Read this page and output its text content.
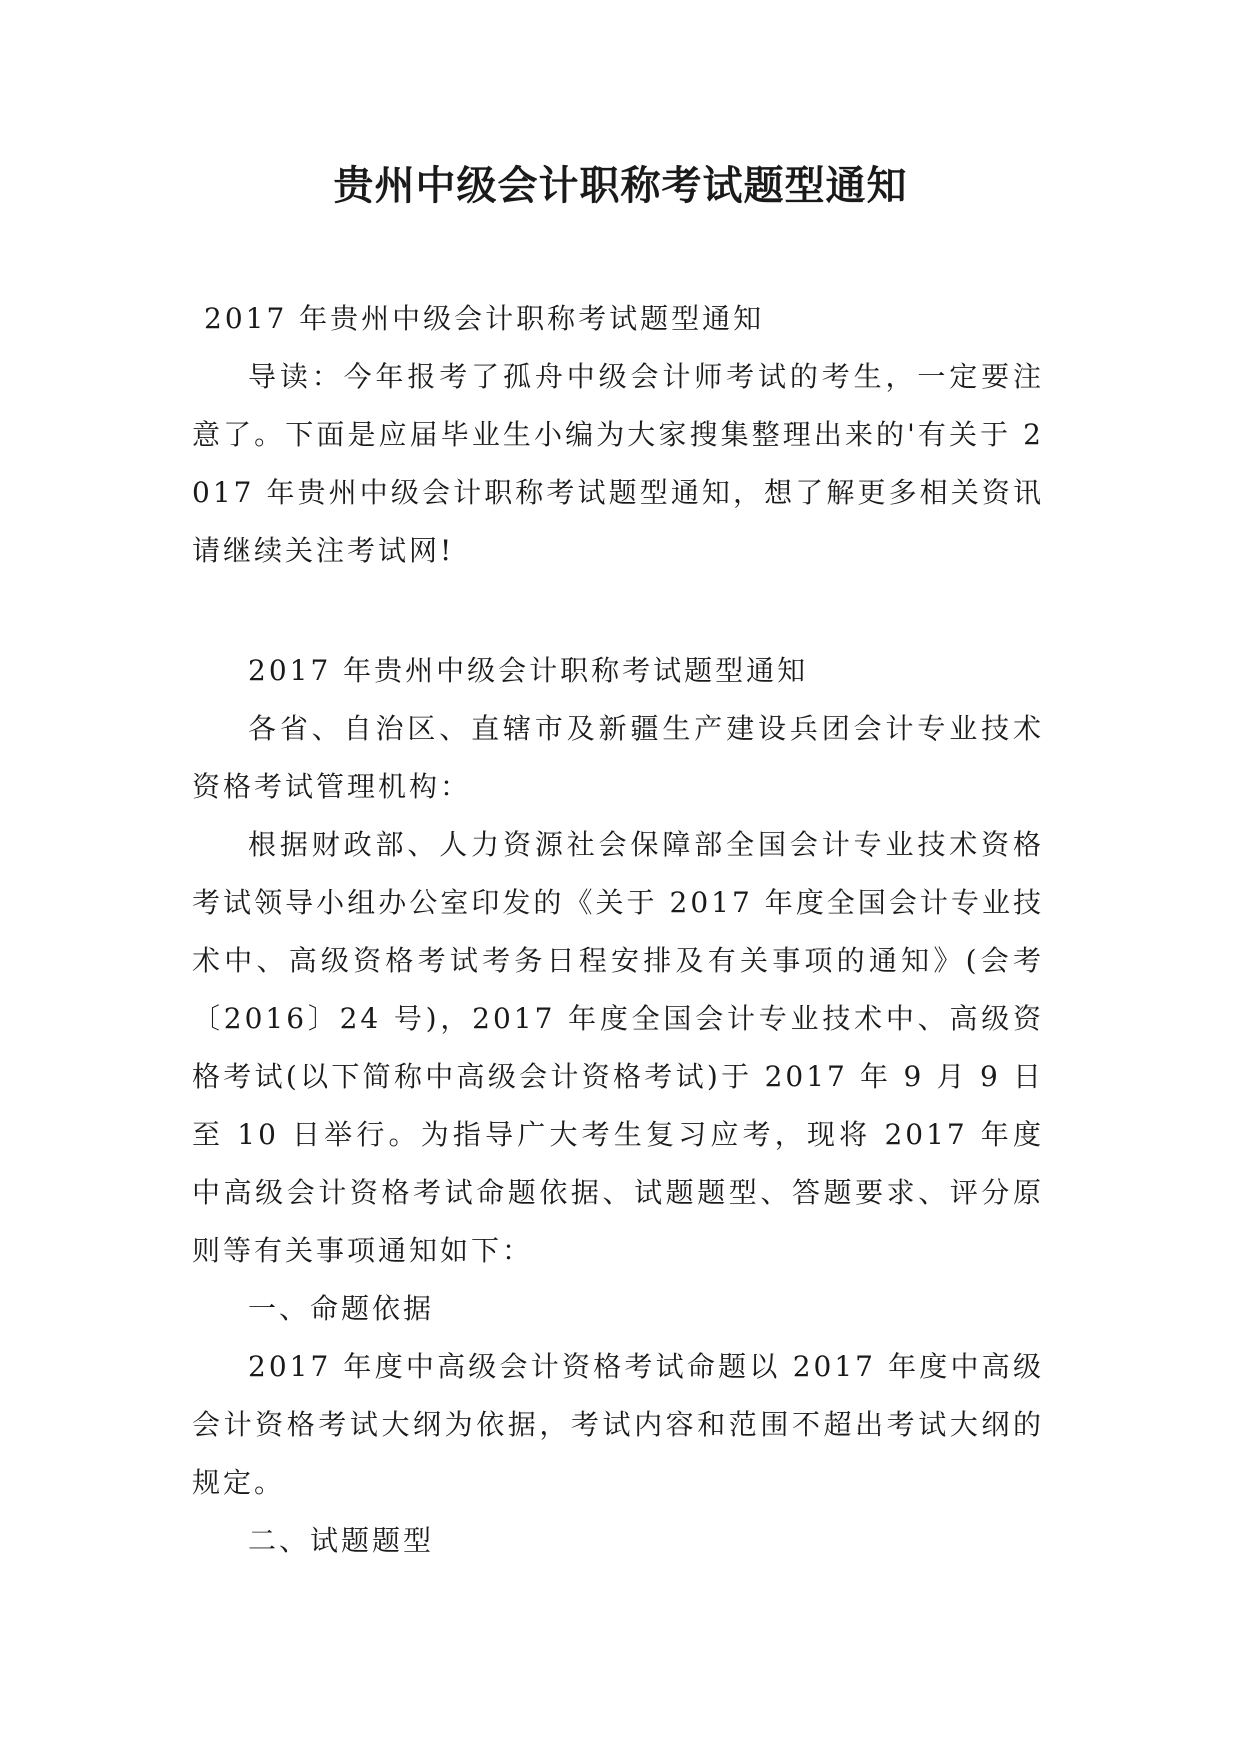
贵州中级会计职称考试题型通知

2017 年贵州中级会计职称考试题型通知

导读：今年报考了孤舟中级会计师考试的考生，一定要注意了。下面是应届毕业生小编为大家搜集整理出来的'有关于 2017 年贵州中级会计职称考试题型通知，想了解更多相关资讯请继续关注考试网!

2017 年贵州中级会计职称考试题型通知

各省、自治区、直辖市及新疆生产建设兵团会计专业技术资格考试管理机构：

根据财政部、人力资源社会保障部全国会计专业技术资格考试领导小组办公室印发的《关于 2017 年度全国会计专业技术中、高级资格考试考务日程安排及有关事项的通知》(会考〔2016〕24 号)，2017 年度全国会计专业技术中、高级资格考试(以下简称中高级会计资格考试)于 2017 年 9 月 9 日至 10 日举行。为指导广大考生复习应考，现将 2017 年度中高级会计资格考试命题依据、试题题型、答题要求、评分原则等有关事项通知如下：

一、命题依据

2017 年度中高级会计资格考试命题以 2017 年度中高级会计资格考试大纲为依据，考试内容和范围不超出考试大纲的规定。

二、试题题型
